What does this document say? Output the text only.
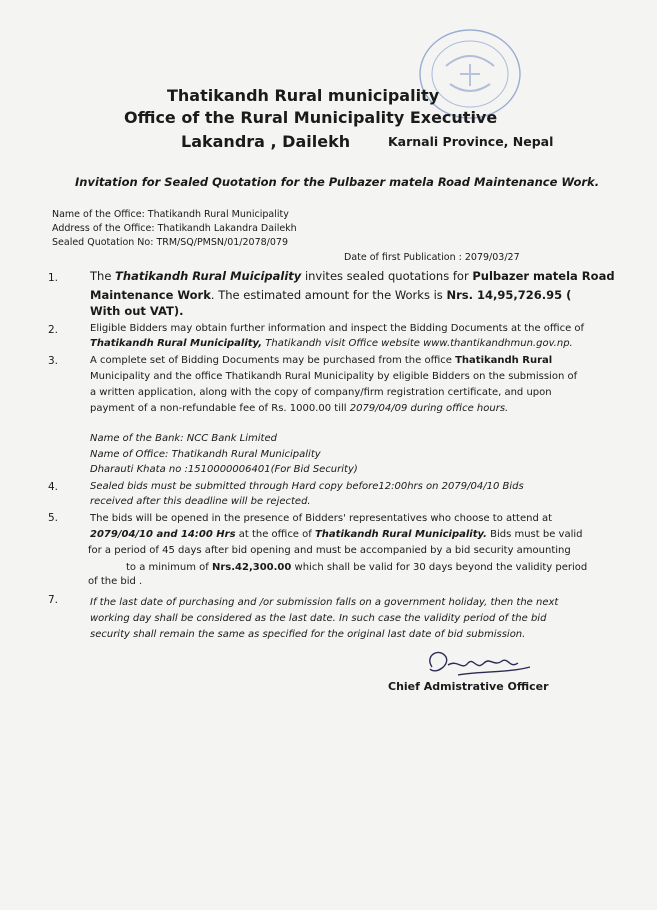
Thatikandh Rural municipality
Office of the Rural Municipality Executive
Lakandra , Dailekh	Karnali Province, Nepal
Invitation for Sealed Quotation for the Pulbazer matela Road Maintenance Work.
Name of the Office: Thatikandh Rural Municipality
Address of the Office: Thatikandh Lakandra Dailekh
Sealed Quotation No: TRM/SQ/PMSN/01/2078/079
Date of first Publication : 2079/03/27
1.	The Thatikandh Rural Muicipality invites sealed quotations for Pulbazer matela Road
Maintenance Work. The estimated amount for the Works is Nrs. 14,95,726.95 (
With out VAT).
2.	Eligible Bidders may obtain further information and inspect the Bidding Documents at the office of
Thatikandh Rural Municipality, Thatikandh visit Office website www.thantikandhmun.gov.np.
3.	A complete set of Bidding Documents may be purchased from the office Thatikandh Rural
Municipality and the office Thatikandh Rural Municipality by eligible Bidders on the submission of
a written application, along with the copy of company/firm registration certificate, and upon
payment of a non-refundable fee of Rs. 1000.00 till 2079/04/09 during office hours.
Name of the Bank: NCC Bank Limited
Name of Office: Thatikandh Rural Municipality
Dharauti Khata no :1510000006401(For Bid Security)
4.	Sealed bids must be submitted through Hard copy before12:00hrs on 2079/04/10 Bids
received after this deadline will be rejected.
5.	The bids will be opened in the presence of Bidders' representatives who choose to attend at
2079/04/10 and 14:00 Hrs at the office of Thatikandh Rural Municipality. Bids must be valid
for a period of 45 days after bid opening and must be accompanied by a bid security amounting
to a minimum of Nrs.42,300.00 which shall be valid for 30 days beyond the validity period
of the bid .
7.	If the last date of purchasing and /or submission falls on a government holiday, then the next
working day shall be considered as the last date. In such case the validity period of the bid
security shall remain the same as specified for the original last date of bid submission.
Chief Admistrative Officer
